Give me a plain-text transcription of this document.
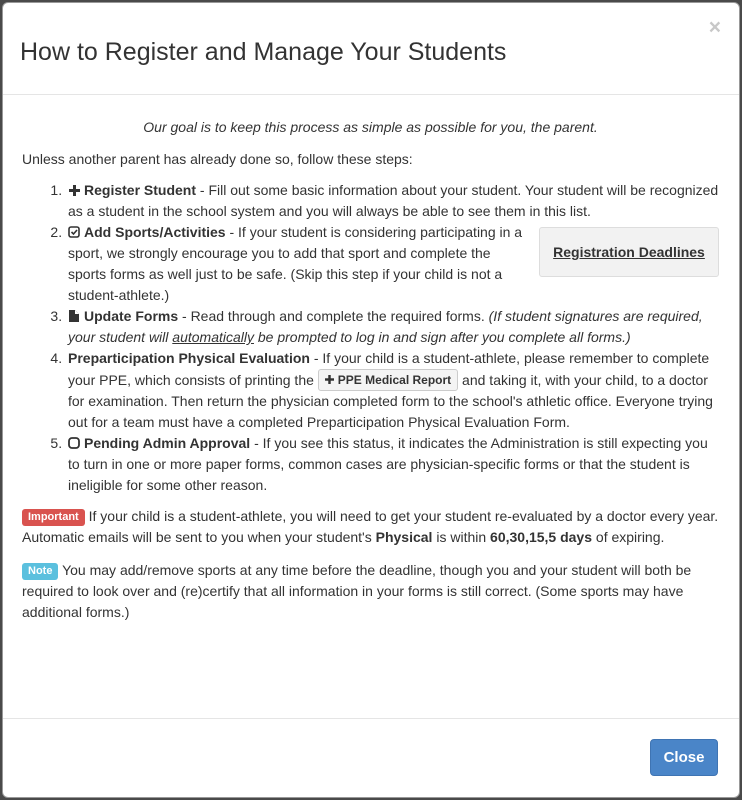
How to Register and Manage Your Students
×

Our goal is to keep this process as simple as possible for you, the parent.

Unless another parent has already done so, follow these steps:

1. Register Student - Fill out some basic information about your student. Your student will be recognized as a student in the school system and you will always be able to see them in this list.
2. Registration Deadlines
Add Sports/Activities - If your student is considering participating in a sport, we strongly encourage you to add that sport and complete the sports forms as well just to be safe. (Skip this step if your child is not a student-athlete.)
3. Update Forms - Read through and complete the required forms. (If student signatures are required, your student will automatically be prompted to log in and sign after you complete all forms.)
4. Preparticipation Physical Evaluation - If your child is a student-athlete, please remember to complete your PPE, which consists of printing the PPE Medical Report and taking it, with your child, to a doctor for examination. Then return the physician completed form to the school's athletic office. Everyone trying out for a team must have a completed Preparticipation Physical Evaluation Form.
5. Pending Admin Approval - If you see this status, it indicates the Administration is still expecting you to turn in one or more paper forms, common cases are physician-specific forms or that the student is ineligible for some other reason.

Important If your child is a student-athlete, you will need to get your student re-evaluated by a doctor every year. Automatic emails will be sent to you when your student's Physical is within 60,30,15,5 days of expiring.

Note You may add/remove sports at any time before the deadline, though you and your student will both be required to look over and (re)certify that all information in your forms is still correct. (Some sports may have additional forms.)

Close
